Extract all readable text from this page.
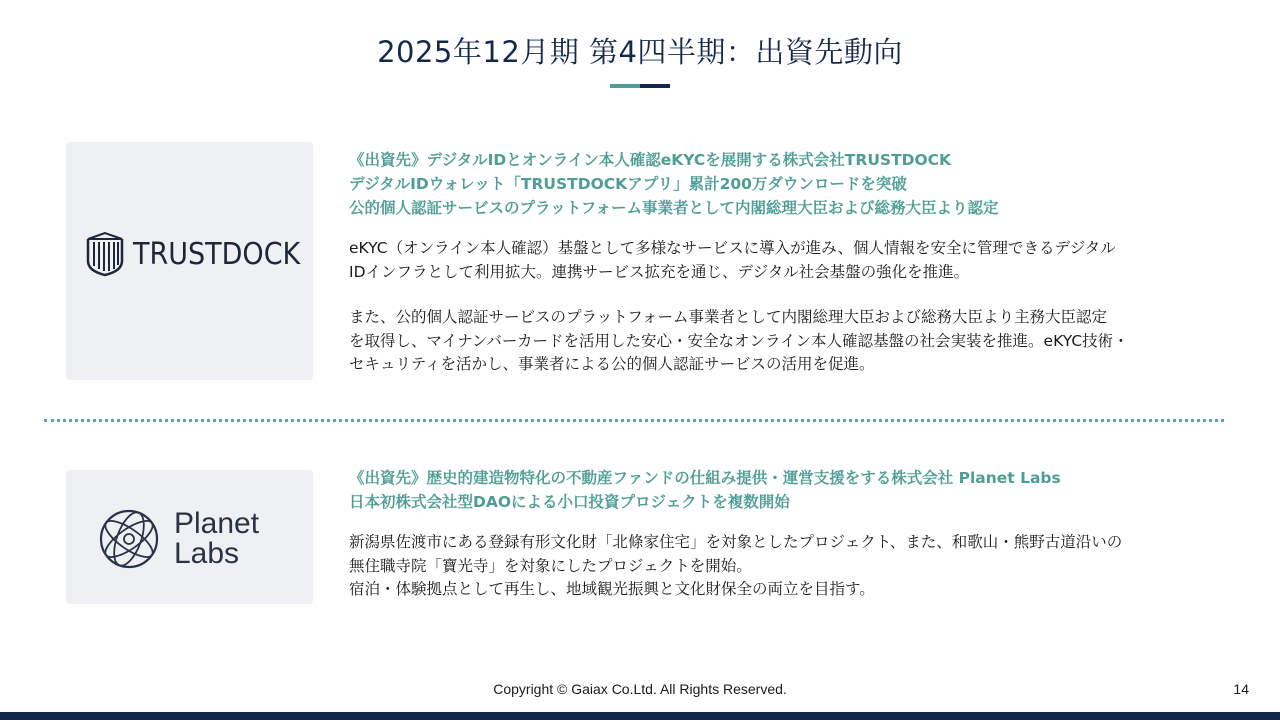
2025年12月期 第4四半期：出資先動向
TRUSTDOCK
《出資先》デジタルIDとオンライン本人確認eKYCを展開する株式会社TRUSTDOCK
デジタルIDウォレット「TRUSTDOCKアプリ」累計200万ダウンロードを突破
公的個人認証サービスのプラットフォーム事業者として内閣総理大臣および総務大臣より認定
eKYC（オンライン本人確認）基盤として多様なサービスに導入が進み、個人情報を安全に管理できるデジタル
IDインフラとして利用拡大。連携サービス拡充を通じ、デジタル社会基盤の強化を推進。
また、公的個人認証サービスのプラットフォーム事業者として内閣総理大臣および総務大臣より主務大臣認定
を取得し、マイナンバーカードを活用した安心・安全なオンライン本人確認基盤の社会実装を推進。eKYC技術・
セキュリティを活かし、事業者による公的個人認証サービスの活用を促進。
Planet
Labs
《出資先》歴史的建造物特化の不動産ファンドの仕組み提供・運営支援をする株式会社 Planet Labs
日本初株式会社型DAOによる小口投資プロジェクトを複数開始
新潟県佐渡市にある登録有形文化財「北條家住宅」を対象としたプロジェクト、また、和歌山・熊野古道沿いの
無住職寺院「寶光寺」を対象にしたプロジェクトを開始。
宿泊・体験拠点として再生し、地域観光振興と文化財保全の両立を目指す。
Copyright © Gaiax Co.Ltd. All Rights Reserved.	14
